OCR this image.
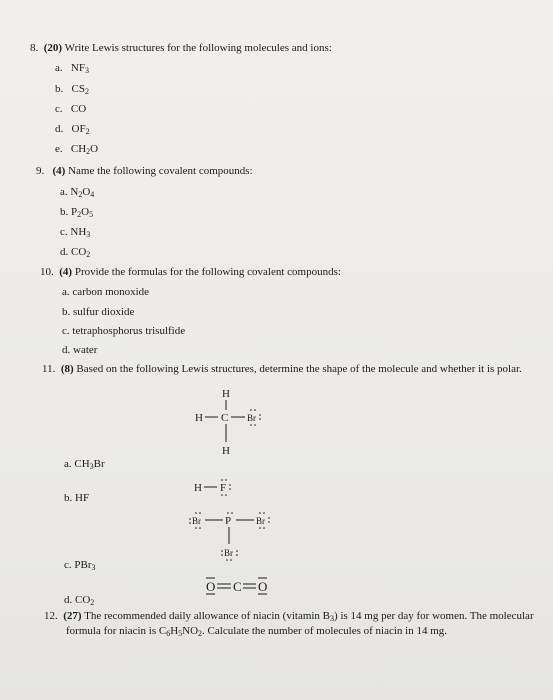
8. (20) Write Lewis structures for the following molecules and ions:
a. $NF_3$
b. $CS_2$
c. CO
d. $OF_2$
e. $CH_2O$
9. (4) Name the following covalent compounds:
a. $N_2O_4$
b. $P_2O_5$
c. $NH_3$
d. $CO_2$
10. (4) Provide the formulas for the following covalent compounds:
a. carbon monoxide
b. sulfur dioxide
c. tetraphosphorus trisulfide
d. water
11. (8) Based on the following Lewis structures, determine the shape of the molecule and whether it is polar.
a. $CH_3Br$
b. HF
c. PBr$_3$
d. $CO_2$
H
H C Br
H
H F
Br P	Br
Br
O C O
12. (27) The recommended daily allowance of niacin (vitamin $B_3$) is 14 mg per day for women. The molecular
formula for niacin is $C_6H_5NO_2$. Calculate the number of molecules of niacin in 14 mg.
